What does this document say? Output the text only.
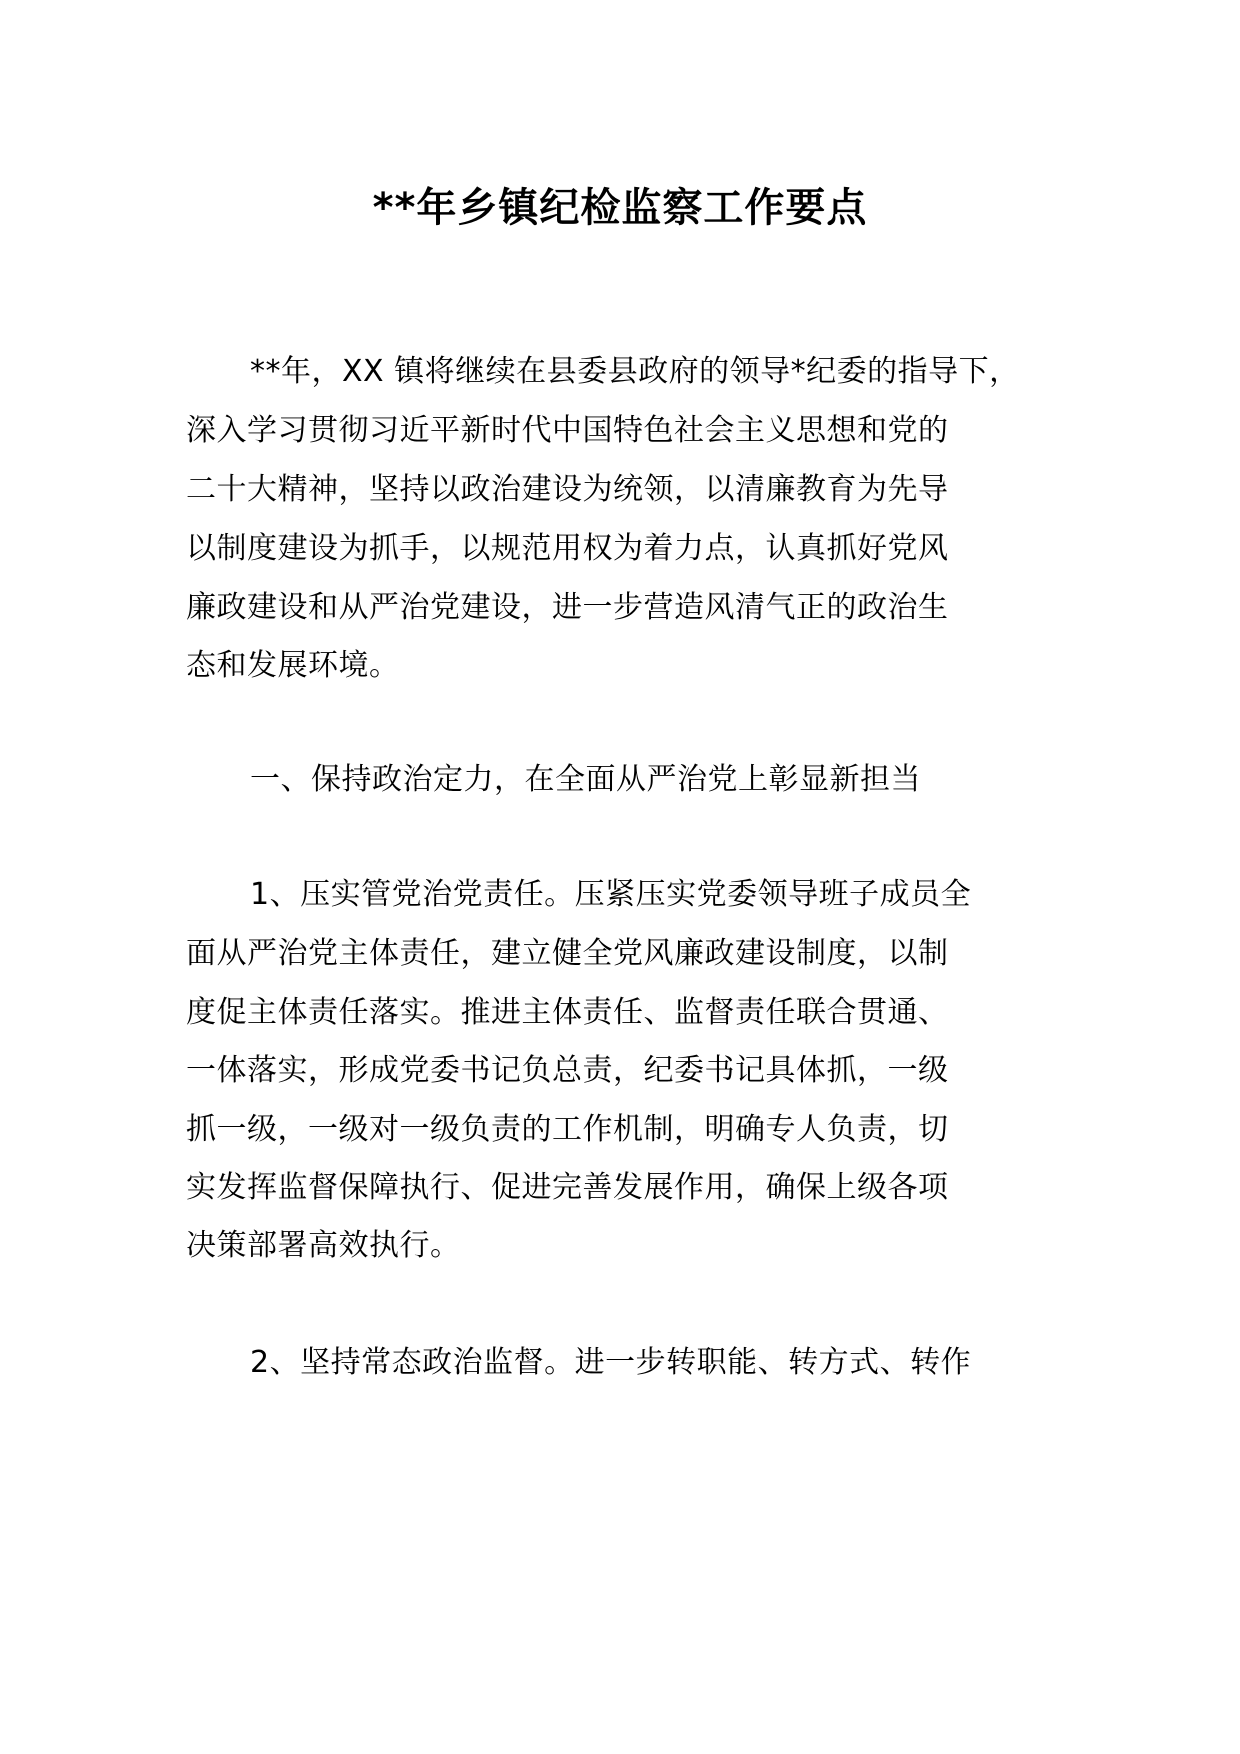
**年乡镇纪检监察工作要点
**年，XX 镇将继续在县委县政府的领导*纪委的指导下，
深入学习贯彻习近平新时代中国特色社会主义思想和党的
二十大精神，坚持以政治建设为统领，以清廉教育为先导
以制度建设为抓手，以规范用权为着力点，认真抓好党风
廉政建设和从严治党建设，进一步营造风清气正的政治生
态和发展环境。
一、保持政治定力，在全面从严治党上彰显新担当
1、压实管党治党责任。压紧压实党委领导班子成员全
面从严治党主体责任，建立健全党风廉政建设制度，以制
度促主体责任落实。推进主体责任、监督责任联合贯通、
一体落实，形成党委书记负总责，纪委书记具体抓，一级
抓一级，一级对一级负责的工作机制，明确专人负责，切
实发挥监督保障执行、促进完善发展作用，确保上级各项
决策部署高效执行。
2、坚持常态政治监督。进一步转职能、转方式、转作
